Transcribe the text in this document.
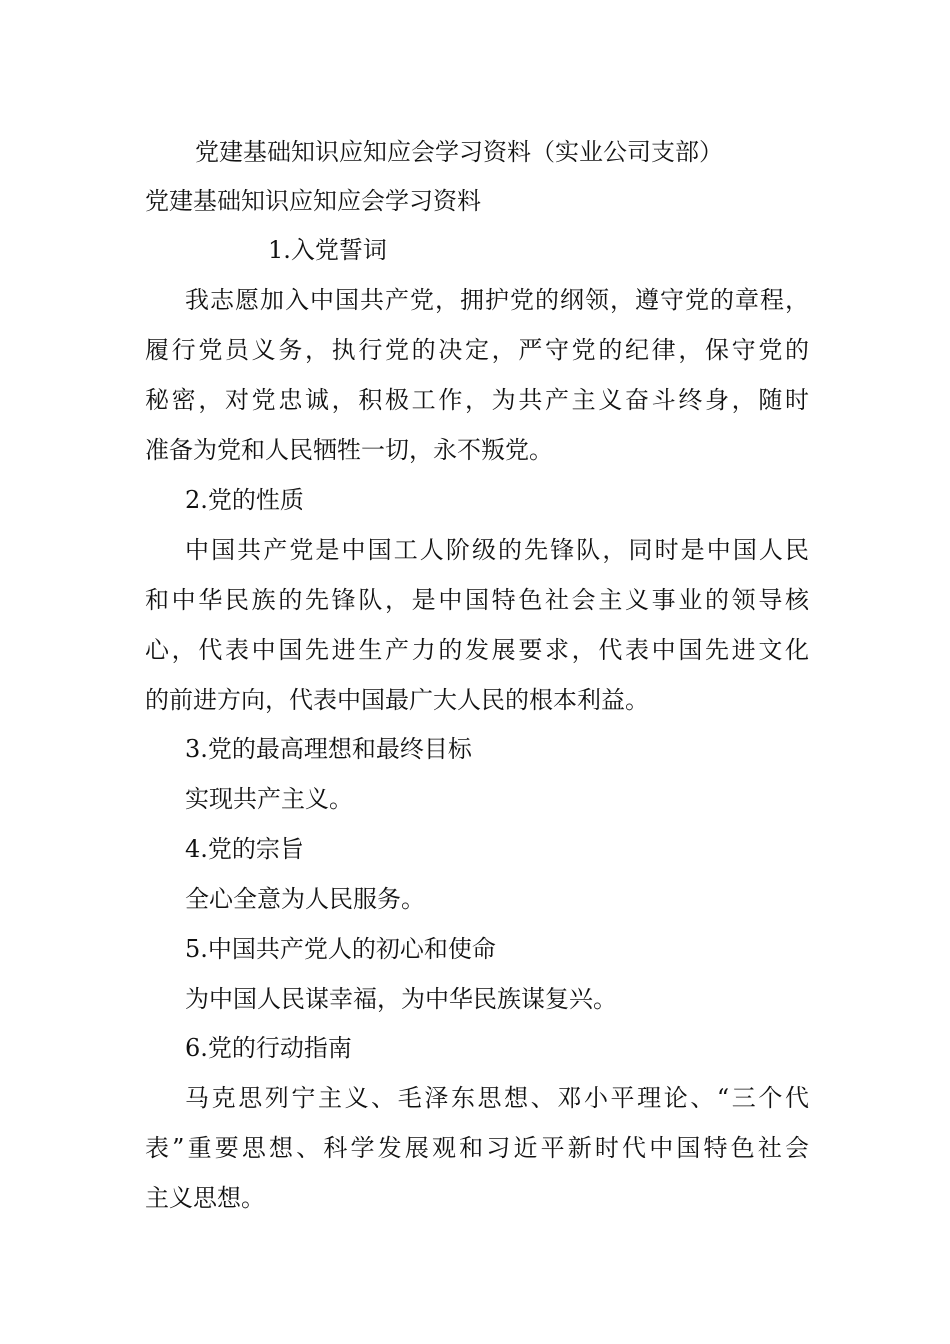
党建基础知识应知应会学习资料（实业公司支部）
党建基础知识应知应会学习资料
1.入党誓词
我志愿加入中国共产党，拥护党的纲领，遵守党的章程，
履行党员义务，执行党的决定，严守党的纪律，保守党的
秘密，对党忠诚，积极工作，为共产主义奋斗终身，随时
准备为党和人民牺牲一切，永不叛党。
2.党的性质
中国共产党是中国工人阶级的先锋队，同时是中国人民
和中华民族的先锋队，是中国特色社会主义事业的领导核
心，代表中国先进生产力的发展要求，代表中国先进文化
的前进方向，代表中国最广大人民的根本利益。
3.党的最高理想和最终目标
实现共产主义。
4.党的宗旨
全心全意为人民服务。
5.中国共产党人的初心和使命
为中国人民谋幸福，为中华民族谋复兴。
6.党的行动指南
马克思列宁主义、毛泽东思想、邓小平理论、“三个代
表”重要思想、科学发展观和习近平新时代中国特色社会
主义思想。
